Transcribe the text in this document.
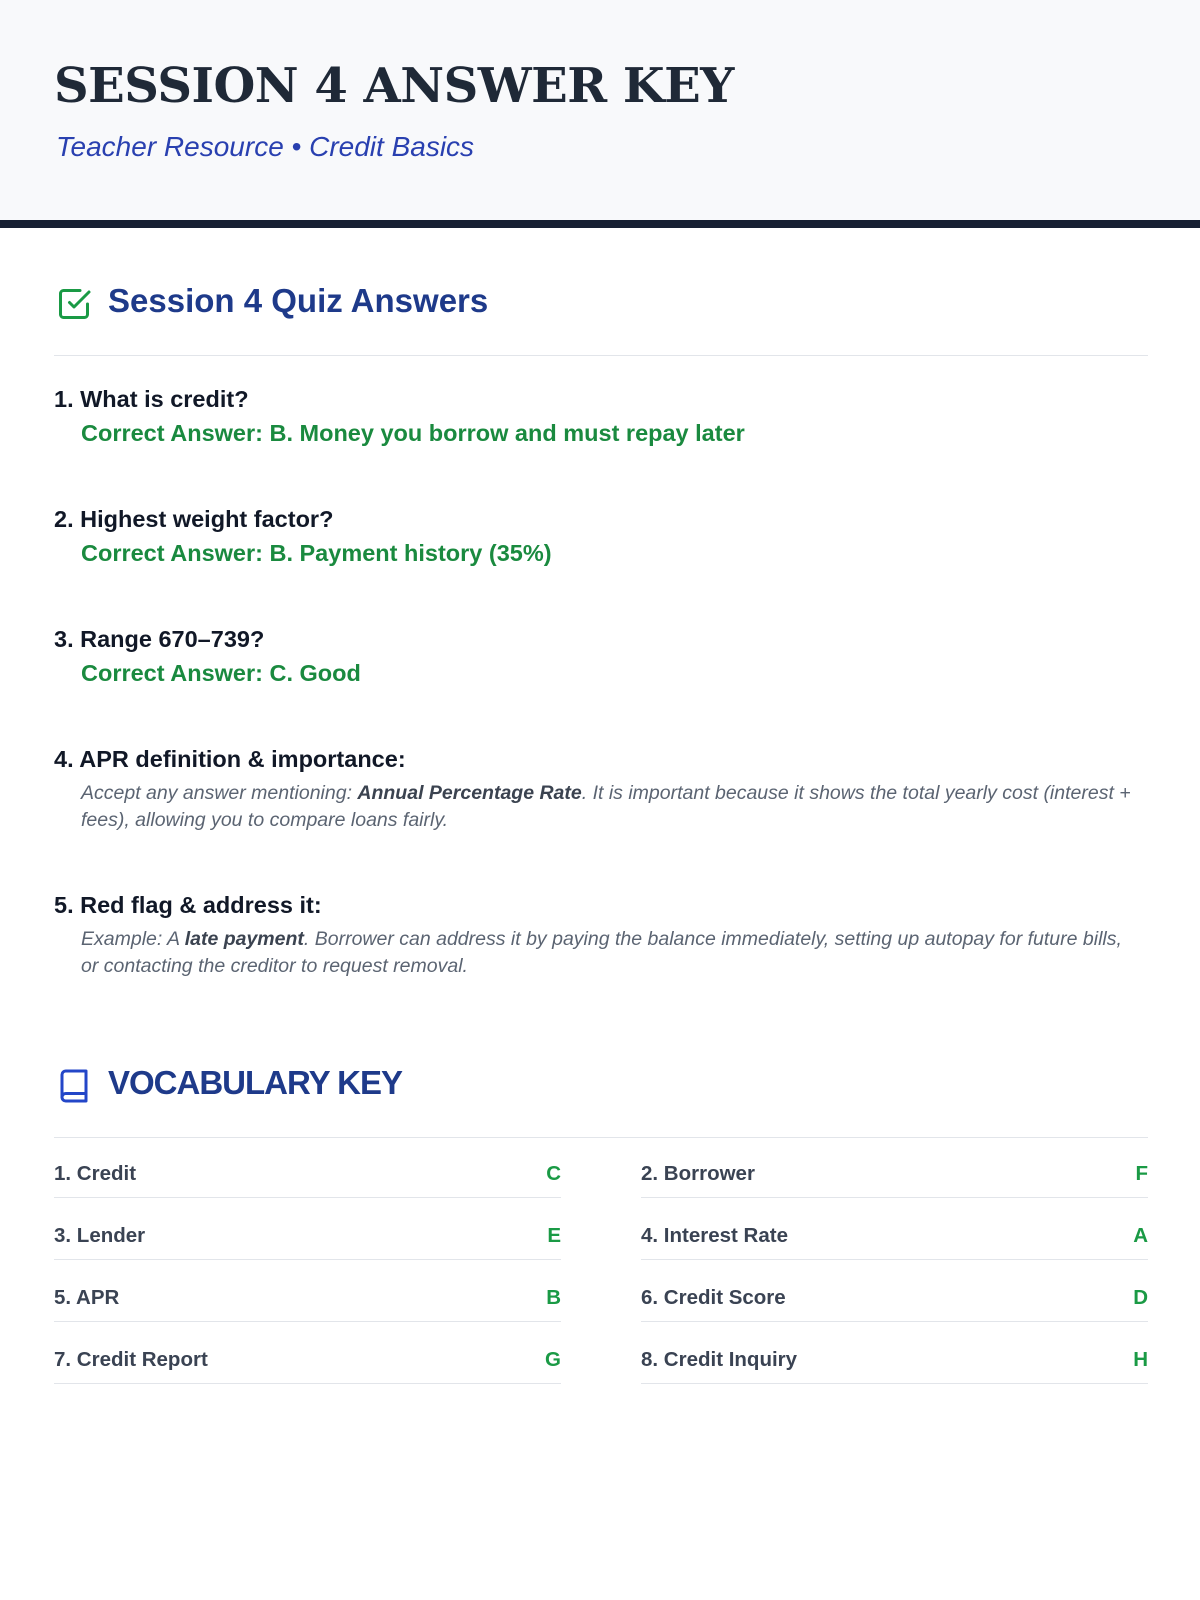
SESSION 4 ANSWER KEY
Teacher Resource • Credit Basics
Session 4 Quiz Answers
1. What is credit?
Correct Answer: B. Money you borrow and must repay later
2. Highest weight factor?
Correct Answer: B. Payment history (35%)
3. Range 670–739?
Correct Answer: C. Good
4. APR definition & importance:
Accept any answer mentioning: Annual Percentage Rate. It is important because it shows the total yearly cost (interest + fees), allowing you to compare loans fairly.
5. Red flag & address it:
Example: A late payment. Borrower can address it by paying the balance immediately, setting up autopay for future bills, or contacting the creditor to request removal.
VOCABULARY KEY
1. Credit	C	2. Borrower	F
3. Lender	E	4. Interest Rate	A
5. APR	B	6. Credit Score	D
7. Credit Report	G	8. Credit Inquiry	H
